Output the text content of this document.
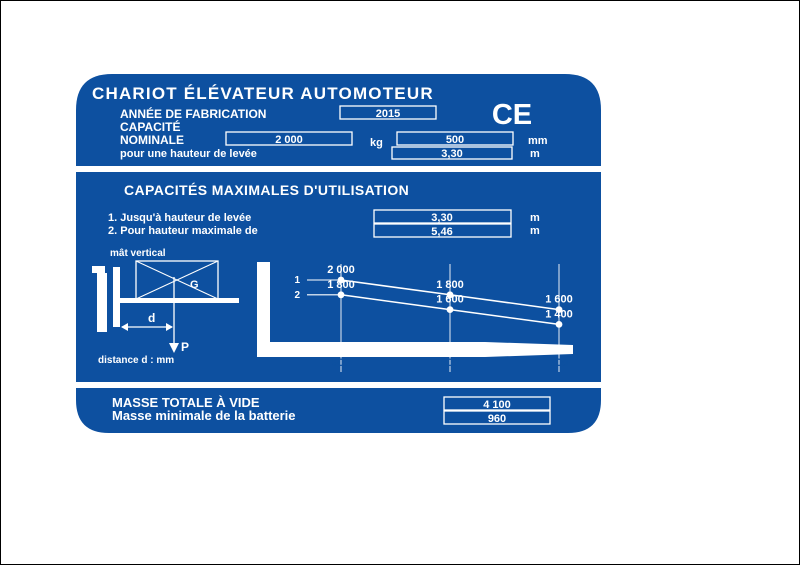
CHARIOT ÉLÉVATEUR AUTOMOTEUR
ANNÉE DE FABRICATION	2015	CE
CAPACITÉ
NOMINALE	2 000	kg	500	mm
pour une hauteur de levée	3,30	m
CAPACITÉS MAXIMALES D'UTILISATION
1. Jusqu'à hauteur de levée	3,30	m
2. Pour hauteur maximale de	5,46	m
mât vertical
G
P
d
distance d : mm	500	600	700
1
2 000
1 800
1 600
2
1 800
1 600
1 400
MASSE TOTALE À VIDE	4 100
Masse minimale de la batterie	960
